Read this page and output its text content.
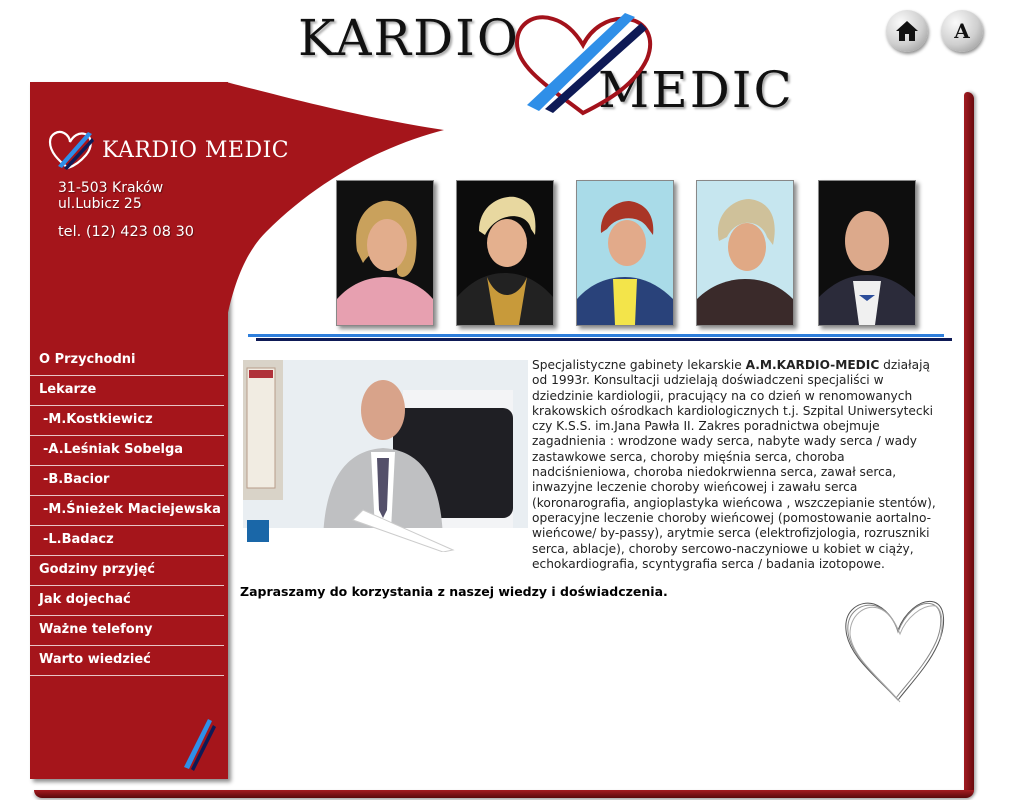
KARDIO
MEDIC
A
KARDIO MEDIC
31-503 Kraków
ul.Lubicz 25
tel. (12) 423 08 30
O Przychodni
Lekarze
-M.Kostkiewicz
-A.Leśniak Sobelga
-B.Bacior
-M.Śnieżek Maciejewska
-L.Badacz
Godziny przyjęć
Jak dojechać
Ważne telefony
Warto wiedzieć

Specjalistyczne gabinety lekarskie A.M.KARDIO-MEDIC działają od 1993r. Konsultacji udzielają doświadczeni specjaliści w dziedzinie kardiologii, pracujący na co dzień w renomowanych krakowskich ośrodkach kardiologicznych t.j. Szpital Uniwersytecki czy K.S.S. im.Jana Pawła II. Zakres poradnictwa obejmuje zagadnienia : wrodzone wady serca, nabyte wady serca / wady zastawkowe serca, choroby mięśnia serca, choroba nadciśnieniowa, choroba niedokrwienna serca, zawał serca, inwazyjne leczenie choroby wieńcowej i zawału serca (koronarografia, angioplastyka wieńcowa , wszczepianie stentów), operacyjne leczenie choroby wieńcowej (pomostowanie aortalno-wieńcowe/ by-passy), arytmie serca (elektrofizjologia, rozruszniki serca, ablacje), choroby sercowo-naczyniowe u kobiet w ciąży, echokardiografia, scyntygrafia serca / badania izotopowe.

Zapraszamy do korzystania z naszej wiedzy i doświadczenia.
